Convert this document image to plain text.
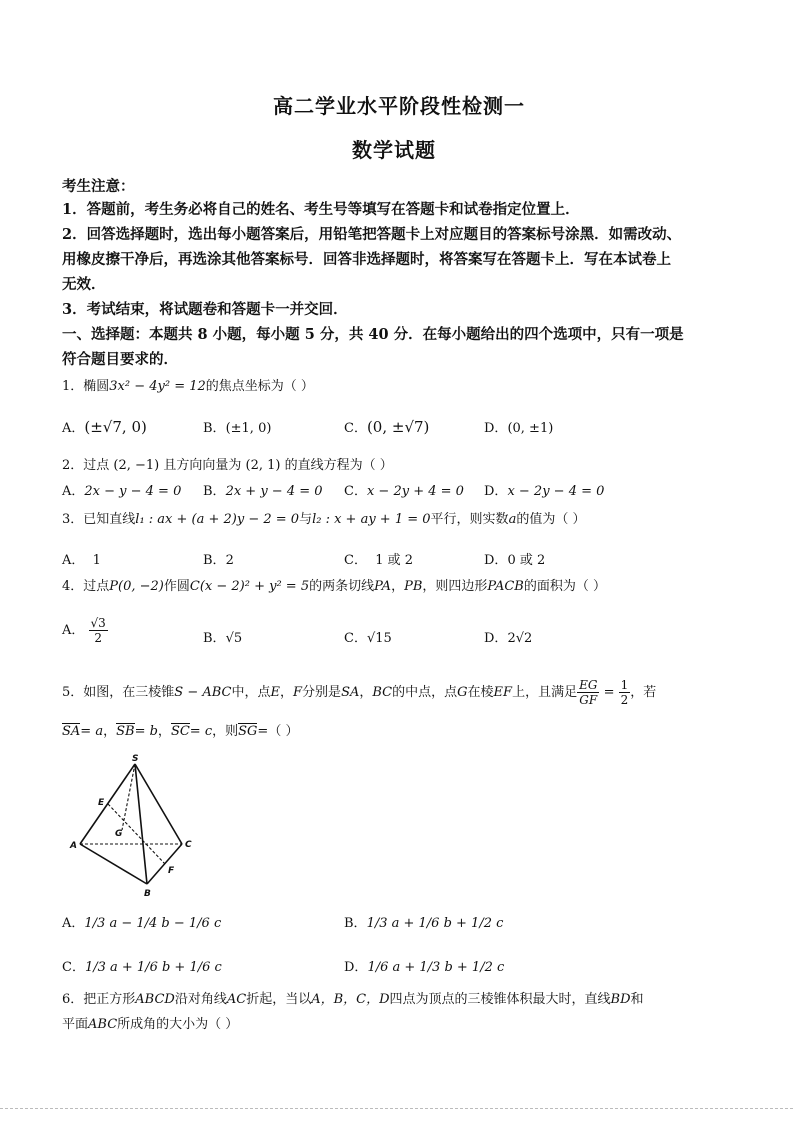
高二学业水平阶段性检测一
数学试题
考生注意：
1．答题前，考生务必将自己的姓名、考生号等填写在答题卡和试卷指定位置上．
2．回答选择题时，选出每小题答案后，用铅笔把答题卡上对应题目的答案标号涂黑．如需改动、
用橡皮擦干净后，再选涂其他答案标号．回答非选择题时，将答案写在答题卡上．写在本试卷上
无效．
3．考试结束，将试题卷和答题卡一并交回．
一、选择题：本题共 8 小题，每小题 5 分，共 40 分．在每小题给出的四个选项中，只有一项是
符合题目要求的．
1．椭圆3x² − 4y² = 12的焦点坐标为（ ）
A．(±√7, 0)	B．(±1, 0)	C．(0, ±√7)	D．(0, ±1)
2．过点 (2, −1) 且方向向量为 (2, 1) 的直线方程为（ ）
A．2x − y − 4 = 0 B．2x + y − 4 = 0 C．x − 2y + 4 = 0 D．x − 2y − 4 = 0
3．已知直线l₁ : ax + (a + 2)y − 2 = 0与l₂ : x + ay + 1 = 0平行，则实数a的值为（ ）
A． 1	B．2	C． 1 或 2	D．0 或 2
4．过点P(0, −2)作圆C(x − 2)² + y² = 5的两条切线PA，PB，则四边形PACB的面积为（ ）
A． $\frac{√3}{2}$	B．√5	C．√15	D．2√2
5．如图，在三棱锥S − ABC中，点E，F分别是SA，BC的中点，点G在棱EF上，且满足 $\frac{EG}{GF} = \frac{1}{2}$ ，若
SA= a，SB= b，SC= c，则SG=（ ）
S
E
G
A	C
F
B
A．1/3 a − 1/4 b − 1/6 c	B．1/3 a + 1/6 b + 1/2 c
C．1/3 a + 1/6 b + 1/6 c	D．1/6 a + 1/3 b + 1/2 c
6．把正方形ABCD沿对角线AC折起，当以A，B，C，D四点为顶点的三棱锥体积最大时，直线BD和
平面ABC所成角的大小为（ ）
